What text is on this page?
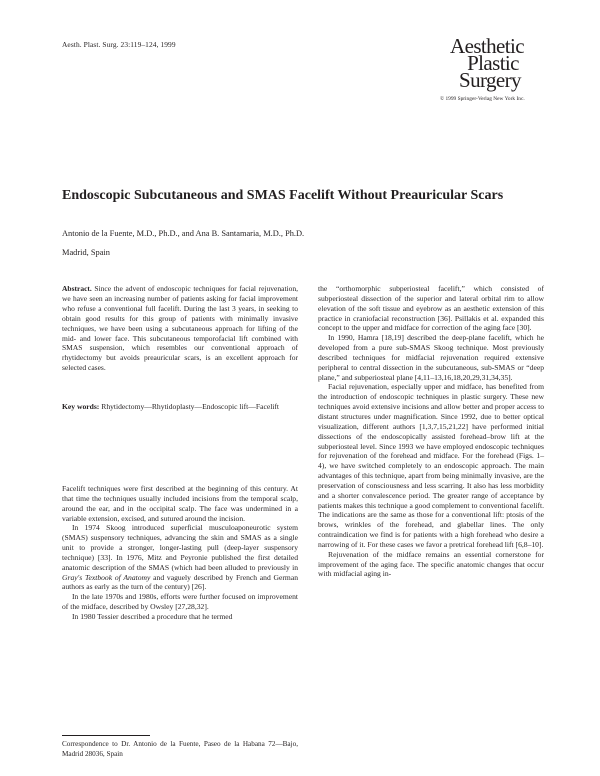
Aesth. Plast. Surg. 23:119–124, 1999	Aesthetic
Plastic
Surgery
© 1999 Springer-Verlag New York Inc.
Endoscopic Subcutaneous and SMAS Facelift Without Preauricular Scars
Antonio de la Fuente, M.D., Ph.D., and Ana B. Santamaria, M.D., Ph.D.
Madrid, Spain
Abstract. Since the advent of endoscopic techniques for facial rejuvenation, we have seen an increasing number of patients asking for facial improvement who refuse a conventional full facelift. During the last 3 years, in seeking to obtain good results for this group of patients with minimally invasive techniques, we have been using a subcutaneous approach for lifting of the mid- and lower face. This subcutaneous temporofacial lift combined with SMAS suspension, which resembles our conventional approach of rhytidectomy but avoids preauricular scars, is an excellent approach for selected cases.
Key words: Rhytidectomy—Rhytidoplasty—Endoscopic lift—Facelift

Facelift techniques were first described at the beginning of this century. At that time the techniques usually included incisions from the temporal scalp, around the ear, and in the occipital scalp. The face was undermined in a variable extension, excised, and sutured around the incision.

In 1974 Skoog introduced superficial musculoaponeurotic system (SMAS) suspensory techniques, advancing the skin and SMAS as a single unit to provide a stronger, longer-lasting pull (deep-layer suspensory technique) [33]. In 1976, Mitz and Peyronie published the first detailed anatomic description of the SMAS (which had been alluded to previously in Gray's Textbook of Anatomy and vaguely described by French and German authors as early as the turn of the century) [26].

In the late 1970s and 1980s, efforts were further focused on improvement of the midface, described by Owsley [27,28,32].

In 1980 Tessier described a procedure that he termed

the “orthomorphic subperiosteal facelift,” which consisted of subperiosteal dissection of the superior and lateral orbital rim to allow elevation of the soft tissue and eyebrow as an aesthetic extension of this practice in craniofacial reconstruction [36]. Psillakis et al. expanded this concept to the upper and midface for correction of the aging face [30].

In 1990, Hamra [18,19] described the deep-plane facelift, which he developed from a pure sub-SMAS Skoog technique. Most previously described techniques for midfacial rejuvenation required extensive peripheral to central dissection in the subcutaneous, sub-SMAS or “deep plane,” and subperiosteal plane [4,11–13,16,18,20,29,31,34,35].

Facial rejuvenation, especially upper and midface, has benefited from the introduction of endoscopic techniques in plastic surgery. These new techniques avoid extensive incisions and allow better and proper access to distant structures under magnification. Since 1992, due to better optical visualization, different authors [1,3,7,15,21,22] have performed initial dissections of the endoscopically assisted forehead–brow lift at the subperiosteal level. Since 1993 we have employed endoscopic techniques for rejuvenation of the forehead and midface. For the forehead (Figs. 1–4), we have switched completely to an endoscopic approach. The main advantages of this technique, apart from being minimally invasive, are the preservation of consciousness and less scarring. It also has less morbidity and a shorter convalescence period. The greater range of acceptance by patients makes this technique a good complement to conventional facelift. The indications are the same as those for a conventional lift: ptosis of the brows, wrinkles of the forehead, and glabellar lines. The only contraindication we find is for patients with a high forehead who desire a narrowing of it. For these cases we favor a pretrical forehead lift [6,8–10].

Rejuvenation of the midface remains an essential cornerstone for improvement of the aging face. The specific anatomic changes that occur with midfacial aging in-

Correspondence to Dr. Antonio de la Fuente, Paseo de la Habana 72—Bajo, Madrid 28036, Spain
